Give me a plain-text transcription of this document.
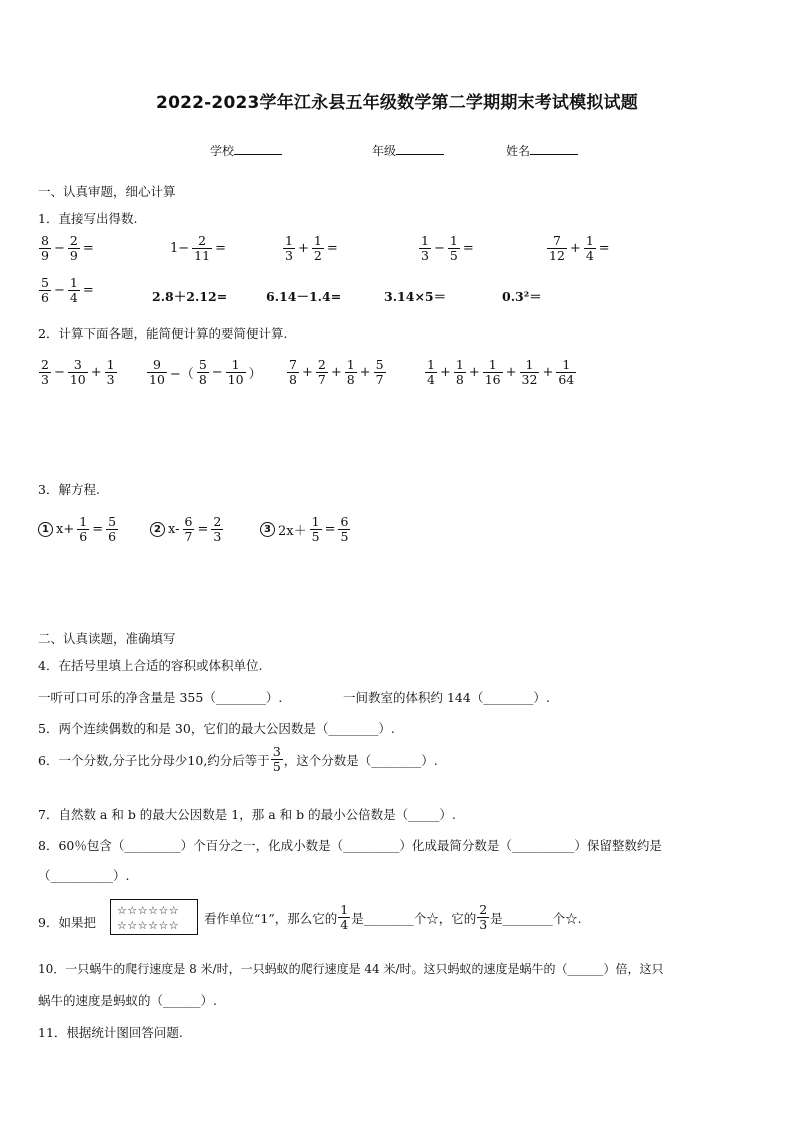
2022-2023学年江永县五年级数学第二学期期末考试模拟试题
学校	年级	姓名
一、认真审题，细心计算
1．直接写出得数.
$\frac{8}{9} - \frac{2}{9}$ =	$1- \frac{2}{11}$ =	$\frac{1}{3} + \frac{1}{2}$ =	$\frac{1}{3} - \frac{1}{5}$ =	$\frac{7}{12} + \frac{1}{4}$ =
$\frac{5}{6} - \frac{1}{4}$ =	2.8＋2.12=	6.14－1.4=	3.14×5＝	0.3²＝
2．计算下面各题，能简便计算的要简便计算.
$\frac{2}{3} - \frac{3}{10} + \frac{1}{3} \frac{9}{10}$ −（ $\frac{5}{8} - \frac{1}{10}$ ） $\frac{7}{8} + \frac{2}{7} + \frac{1}{8} + \frac{5}{7}$	$\frac{1}{4} + \frac{1}{8} + \frac{1}{16} + \frac{1}{32} + \frac{1}{64}$
3．解方程.
1 $x+ \frac{1}{6} = \frac{5}{6}$	2 $x- \frac{6}{7} = \frac{2}{3}$	3 $2x+ \frac{1}{5} = \frac{6}{5}$
二、认真读题，准确填写
4．在括号里填上合适的容积或体积单位.
一听可口可乐的净含量是 355（________）.	一间教室的体积约 144（________）.
5．两个连续偶数的和是 30，它们的最大公因数是（________）.
6．一个分数,分子比分母少10,约分后等于 $\frac{3}{5}$ ，这个分数是（________）.
7．自然数 a 和 b 的最大公因数是 1，那 a 和 b 的最小公倍数是（_____）.
8．60％包含（_________）个百分之一，化成小数是（_________）化成最简分数是（__________）保留整数约是
（__________）.
9．如果把
☆☆☆☆☆☆
☆☆☆☆☆☆	看作单位“1”，那么它的 $\frac{1}{4}$ 是________个☆，它的 $\frac{2}{3}$ 是________个☆.
10．一只蜗牛的爬行速度是 8 米/时，一只蚂蚁的爬行速度是 44 米/时。这只蚂蚁的速度是蜗牛的（______）倍，这只
蜗牛的速度是蚂蚁的（______）.
11．根据统计图回答问题.
